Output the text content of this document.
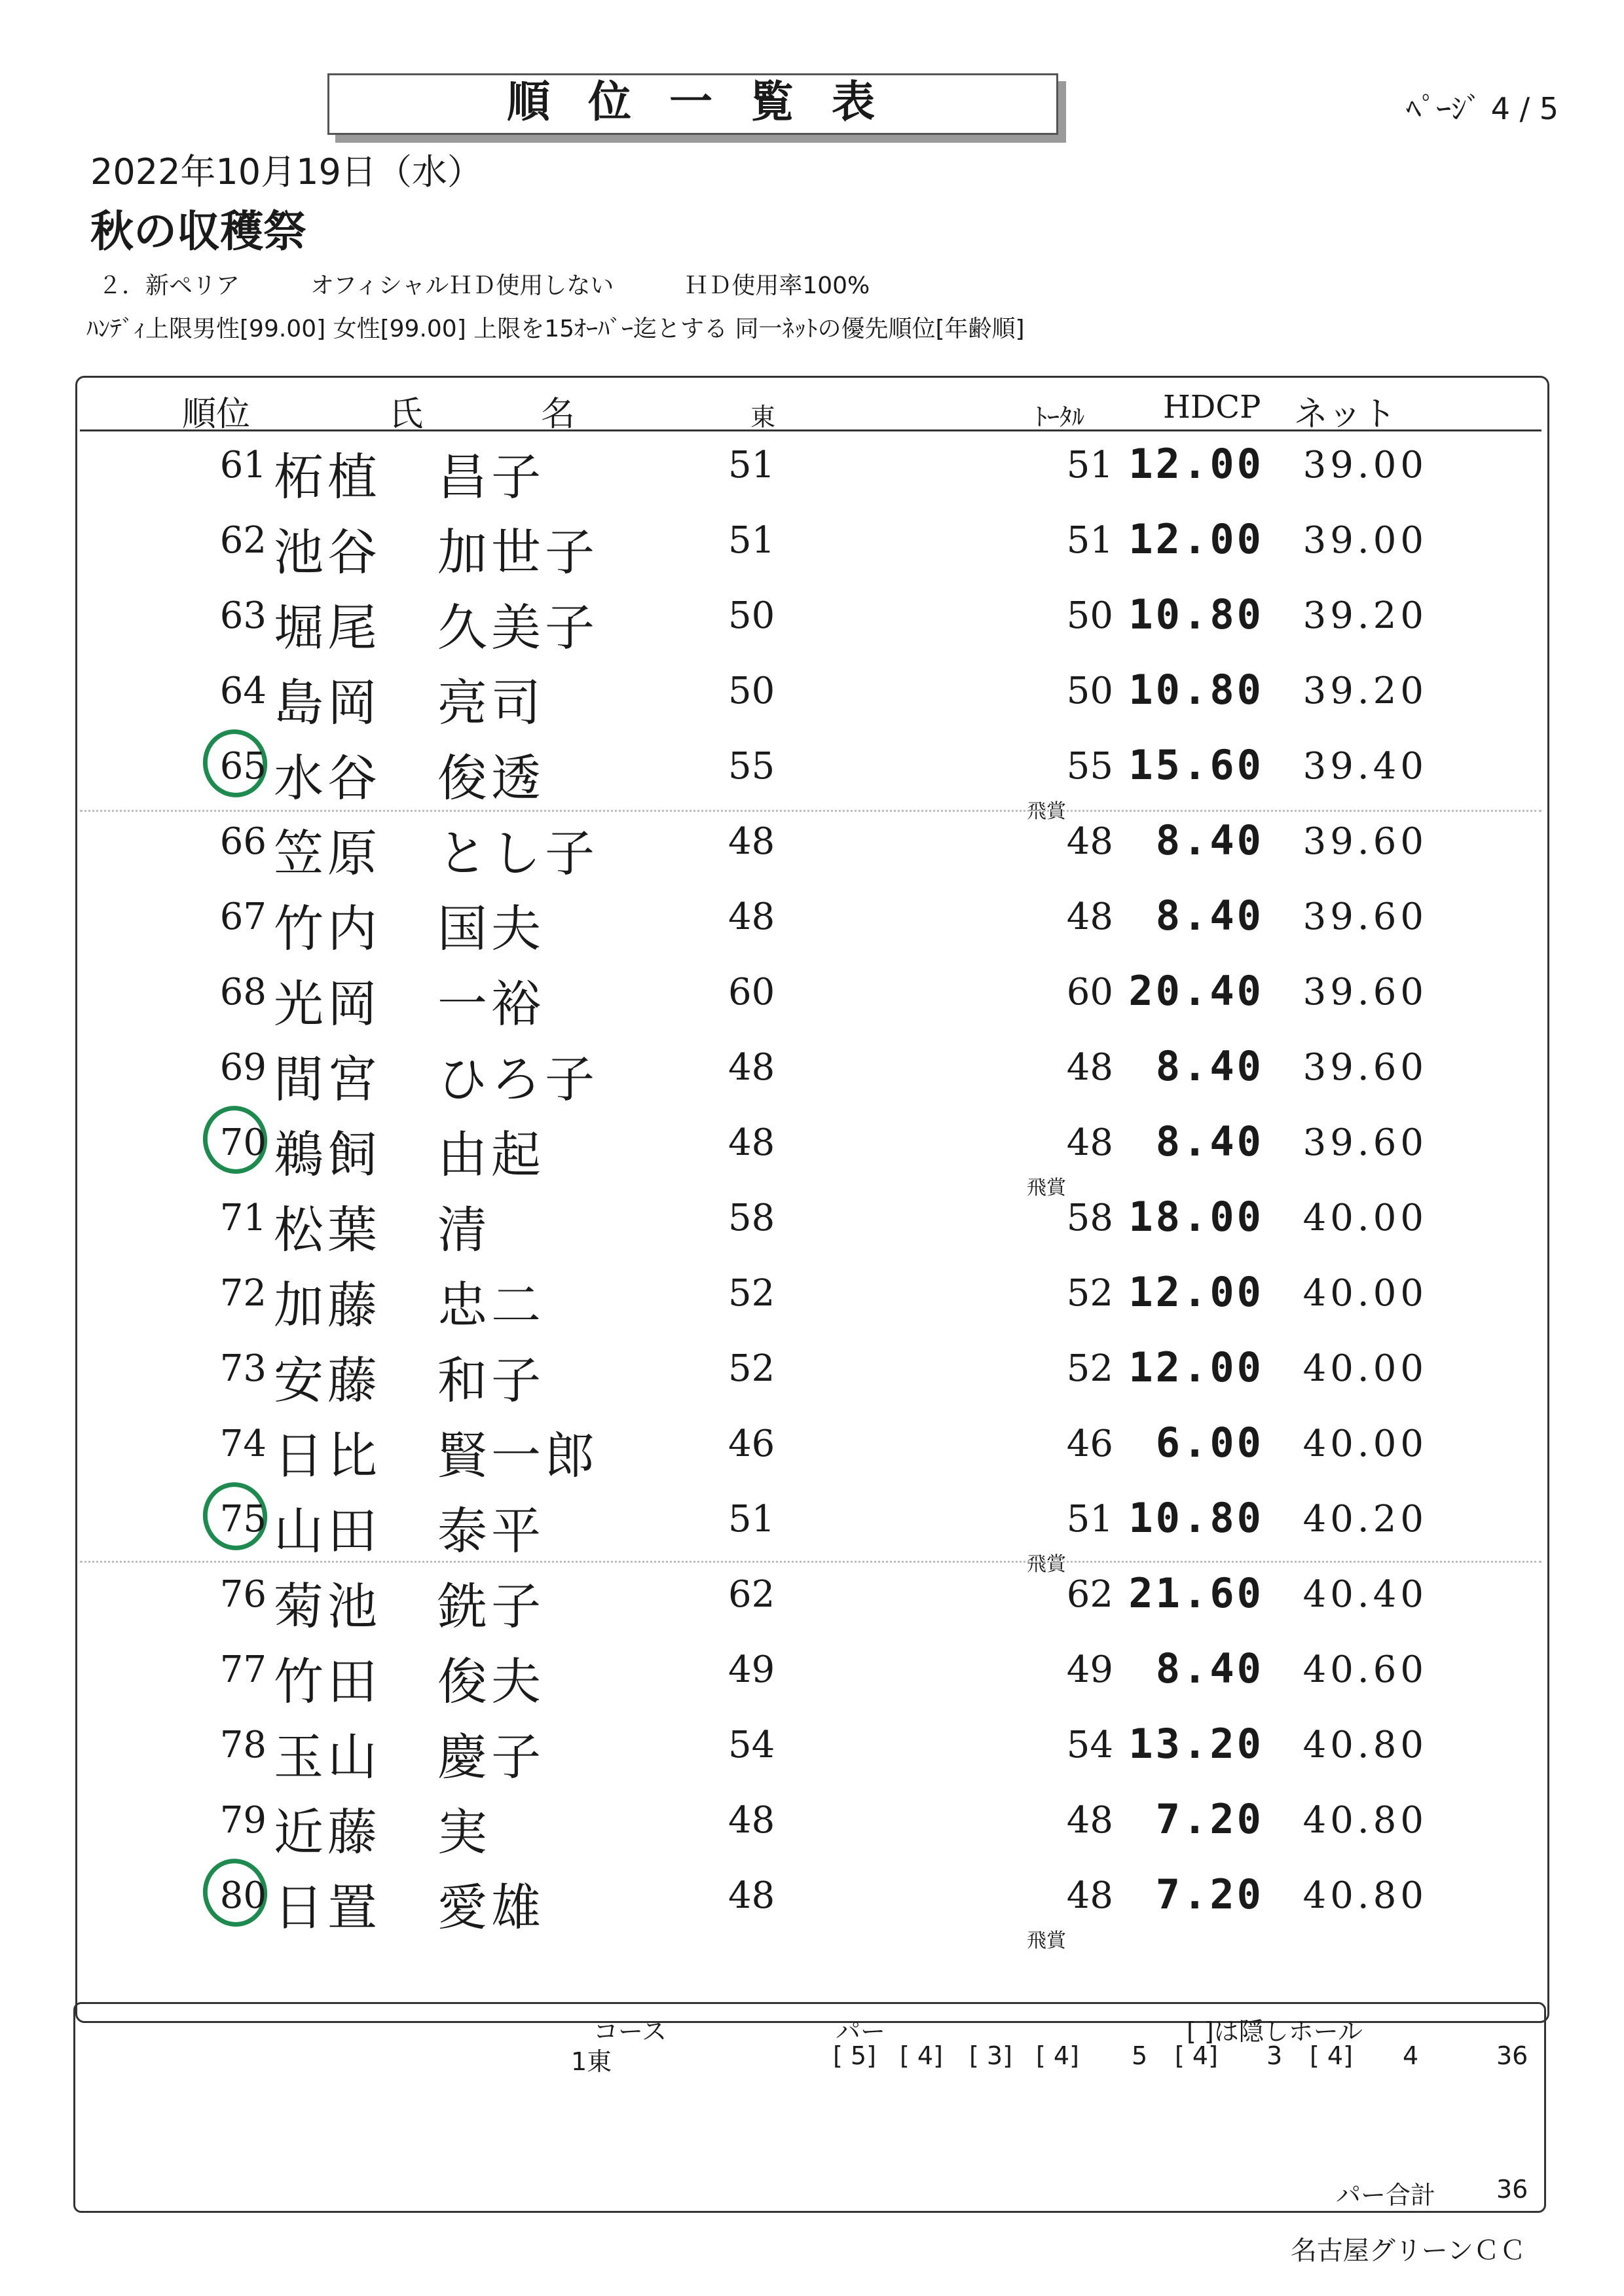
順位一覧表	ﾍﾟｰｼﾞ 4 / 5
2022年10月19日（水）
秋の収穫祭
２．新ペリア　　　オフィシャルＨＤ使用しない　　　ＨＤ使用率100%
ﾊﾝﾃﾞｨ上限男性[99.00] 女性[99.00] 上限を15ｵｰﾊﾞｰ迄とする 同一ﾈｯﾄの優先順位[年齢順]
順位	氏	名	東	ﾄｰﾀﾙ HDCP ネット
61 柘植 昌子	51	51 12.00	39.00
62 池谷 加世子	51	51 12.00	39.00
63 堀尾 久美子	50	50 10.80	39.20
64 島岡 亮司	50	50 10.80	39.20
65 水谷 俊透	55	55 15.60	39.40
飛賞
66 笠原 とし子	48	48	8.40	39.60
67 竹内 国夫	48	48	8.40	39.60
68 光岡 一裕	60	60 20.40	39.60
69 間宮 ひろ子	48	48	8.40	39.60
70 鵜飼 由起	48	48	8.40	39.60
飛賞
71 松葉 清	58	58 18.00	40.00
72 加藤 忠二	52	52 12.00	40.00
73 安藤 和子	52	52 12.00	40.00
74 日比 賢一郎	46	46	6.00	40.00
75 山田 泰平	51	51 10.80	40.20
飛賞
76 菊池 銑子	62	62 21.60	40.40
77 竹田 俊夫	49	49	8.40	40.60
78 玉山 慶子	54	54 13.20	40.80
79 近藤 実	48	48	7.20	40.80
80 日置 愛雄	48	48	7.20	40.80
飛賞
コース	パー	[ ]は隠しホール
1東	[ 5] [ 4] [ 3] [ 4] 5 [ 4] 3 [ 4] 4	36
パー合計 36
名古屋グリーンＣＣ
